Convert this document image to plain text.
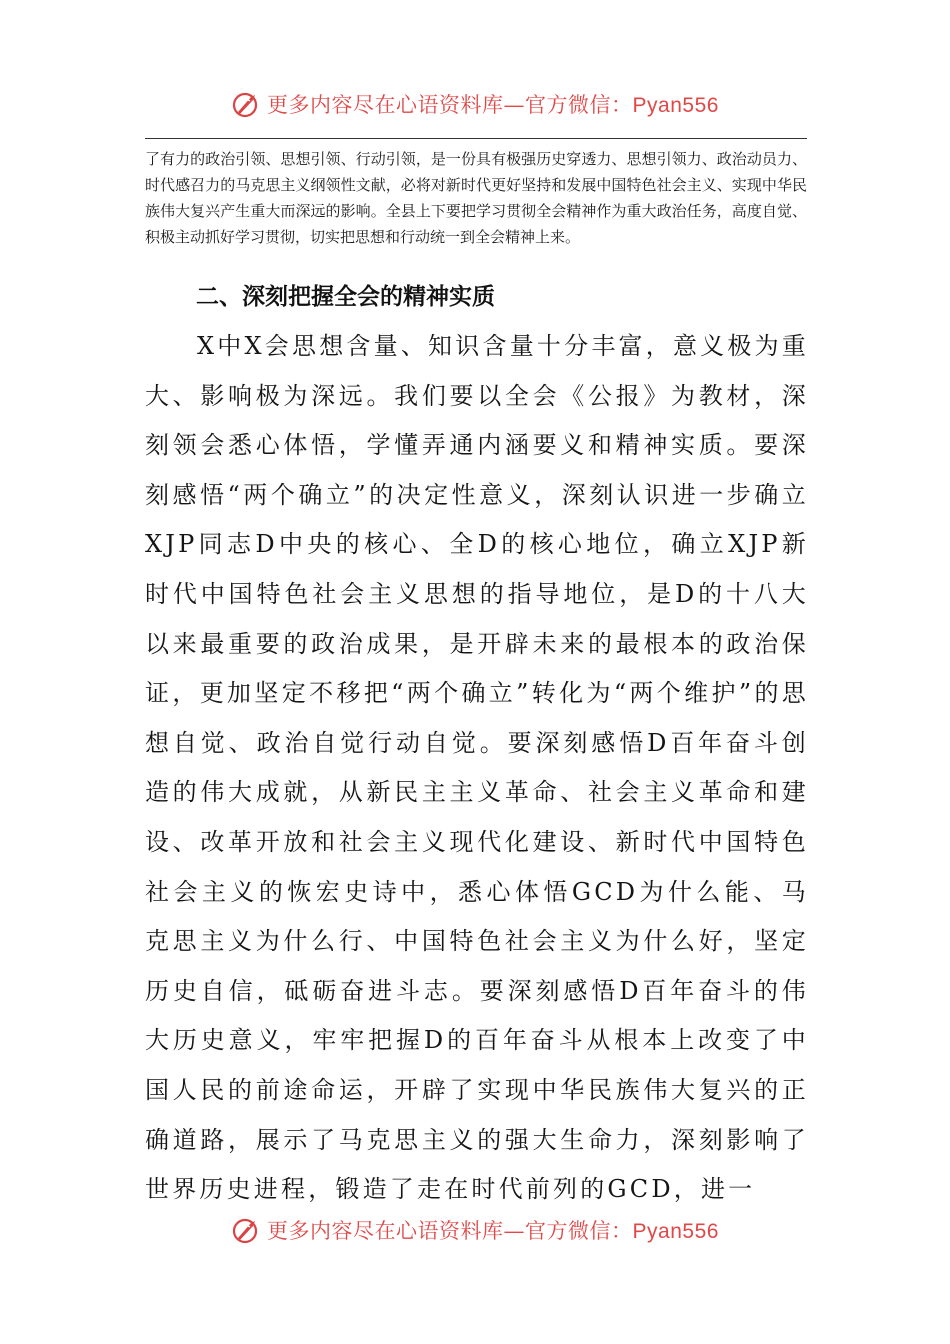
更多内容尽在心语资料库—官方微信：Pyan556

了有力的政治引领、思想引领、行动引领，是一份具有极强历史穿透力、思想引领力、政治动员力、时代感召力的马克思主义纲领性文献，必将对新时代更好坚持和发展中国特色社会主义、实现中华民族伟大复兴产生重大而深远的影响。全县上下要把学习贯彻全会精神作为重大政治任务，高度自觉、积极主动抓好学习贯彻，切实把思想和行动统一到全会精神上来。

二、深刻把握全会的精神实质

X中X会思想含量、知识含量十分丰富，意义极为重大、影响极为深远。我们要以全会《公报》为教材，深刻领会悉心体悟，学懂弄通内涵要义和精神实质。要深刻感悟“两个确立”的决定性意义，深刻认识进一步确立XJP同志D中央的核心、全D的核心地位，确立XJP新时代中国特色社会主义思想的指导地位，是D的十八大以来最重要的政治成果，是开辟未来的最根本的政治保证，更加坚定不移把“两个确立”转化为“两个维护”的思想自觉、政治自觉行动自觉。要深刻感悟D百年奋斗创造的伟大成就，从新民主主义革命、社会主义革命和建设、改革开放和社会主义现代化建设、新时代中国特色社会主义的恢宏史诗中，悉心体悟GCD为什么能、马克思主义为什么行、中国特色社会主义为什么好，坚定历史自信，砥砺奋进斗志。要深刻感悟D百年奋斗的伟大历史意义，牢牢把握D的百年奋斗从根本上改变了中国人民的前途命运，开辟了实现中华民族伟大复兴的正确道路，展示了马克思主义的强大生命力，深刻影响了世界历史进程，锻造了走在时代前列的GCD，进一

更多内容尽在心语资料库—官方微信：Pyan556
